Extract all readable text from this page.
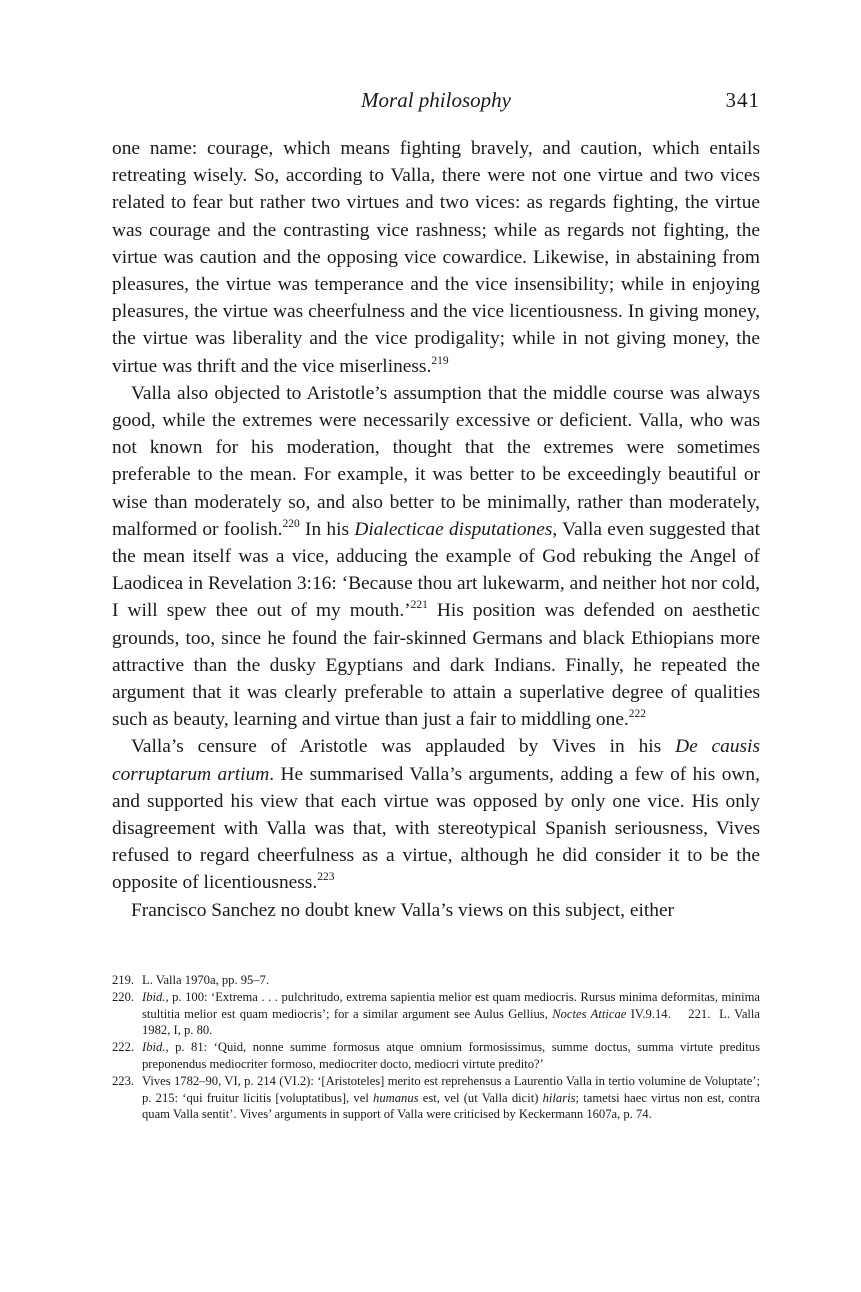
Moral philosophy	341

one name: courage, which means fighting bravely, and caution, which entails retreating wisely. So, according to Valla, there were not one virtue and two vices related to fear but rather two virtues and two vices: as regards fighting, the virtue was courage and the contrasting vice rashness; while as regards not fighting, the virtue was caution and the opposing vice cowardice. Likewise, in abstaining from pleasures, the virtue was temperance and the vice insensibility; while in enjoying pleasures, the virtue was cheerfulness and the vice licentiousness. In giving money, the virtue was liberality and the vice prodigality; while in not giving money, the virtue was thrift and the vice miserliness.$^{219}$

Valla also objected to Aristotle’s assumption that the middle course was always good, while the extremes were necessarily excessive or deficient. Valla, who was not known for his moderation, thought that the extremes were sometimes preferable to the mean. For example, it was better to be exceedingly beautiful or wise than moderately so, and also better to be minimally, rather than moderately, malformed or foolish.$^{220}$ In his Dialecticae disputationes, Valla even suggested that the mean itself was a vice, adducing the example of God rebuking the Angel of Laodicea in Revelation 3:16: ‘Because thou art lukewarm, and neither hot nor cold, I will spew thee out of my mouth.’$^{221}$ His position was defended on aesthetic grounds, too, since he found the fair-skinned Germans and black Ethiopians more attractive than the dusky Egyptians and dark Indians. Finally, he repeated the argument that it was clearly preferable to attain a superlative degree of qualities such as beauty, learning and virtue than just a fair to middling one.$^{222}$

Valla’s censure of Aristotle was applauded by Vives in his De causis corruptarum artium. He summarised Valla’s arguments, adding a few of his own, and supported his view that each virtue was opposed by only one vice. His only disagreement with Valla was that, with stereotypical Spanish seriousness, Vives refused to regard cheerfulness as a virtue, although he did consider it to be the opposite of licentiousness.$^{223}$

Francisco Sanchez no doubt knew Valla’s views on this subject, either

219. L. Valla 1970a, pp. 95–7.
220. Ibid., p. 100: ‘Extrema . . . pulchritudo, extrema sapientia melior est quam mediocris. Rursus minima deformitas, minima stultitia melior est quam mediocris’; for a similar argument see Aulus Gellius, Noctes Atticae IV.9.14. 221. L. Valla 1982, I, p. 80.
222. Ibid., p. 81: ‘Quid, nonne summe formosus atque omnium formosissimus, summe doctus, summa virtute preditus preponendus mediocriter formoso, mediocriter docto, mediocri virtute predito?’
223. Vives 1782–90, VI, p. 214 (VI.2): ‘[Aristoteles] merito est reprehensus a Laurentio Valla in tertio volumine de Voluptate’; p. 215: ‘qui fruitur licitis [voluptatibus], vel humanus est, vel (ut Valla dicit) hilaris; tametsi haec virtus non est, contra quam Valla sentit’. Vives’ arguments in support of Valla were criticised by Keckermann 1607a, p. 74.
